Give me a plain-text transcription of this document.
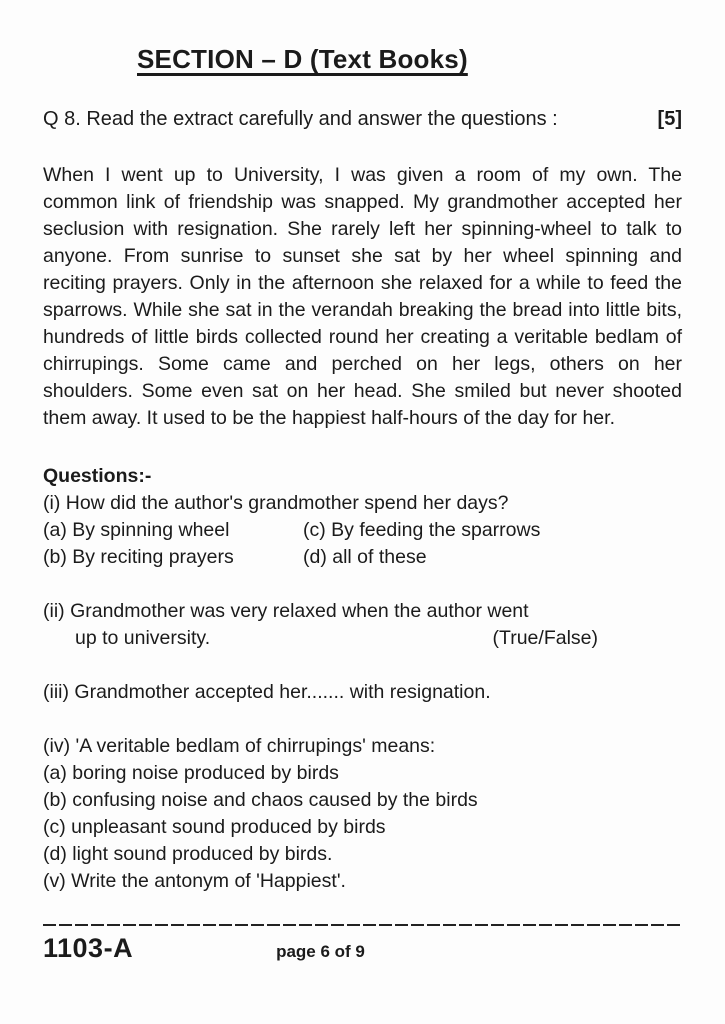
SECTION – D (Text Books)
Q 8. Read the extract carefully and answer the questions :	[5]

When I went up to University, I was given a room of my own. The common link of friendship was snapped. My grandmother accepted her seclusion with resignation. She rarely left her spinning-wheel to talk to anyone. From sunrise to sunset she sat by her wheel spinning and reciting prayers. Only in the afternoon she relaxed for a while to feed the sparrows. While she sat in the verandah breaking the bread into little bits, hundreds of little birds collected round her creating a veritable bedlam of chirrupings. Some came and perched on her legs, others on her shoulders. Some even sat on her head. She smiled but never shooted them away. It used to be the happiest half-hours of the day for her.

Questions:-
(i) How did the author's grandmother spend her days?
(a) By spinning wheel	(c) By feeding the sparrows
(b) By reciting prayers	(d) all of these
(ii) Grandmother was very relaxed when the author went
up to university.	(True/False)
(iii) Grandmother accepted her....... with resignation.
(iv) 'A veritable bedlam of chirrupings' means:
(a) boring noise produced by birds
(b) confusing noise and chaos caused by the birds
(c) unpleasant sound produced by birds
(d) light sound produced by birds.
(v) Write the antonym of 'Happiest'.
1103-A	page 6 of 9
